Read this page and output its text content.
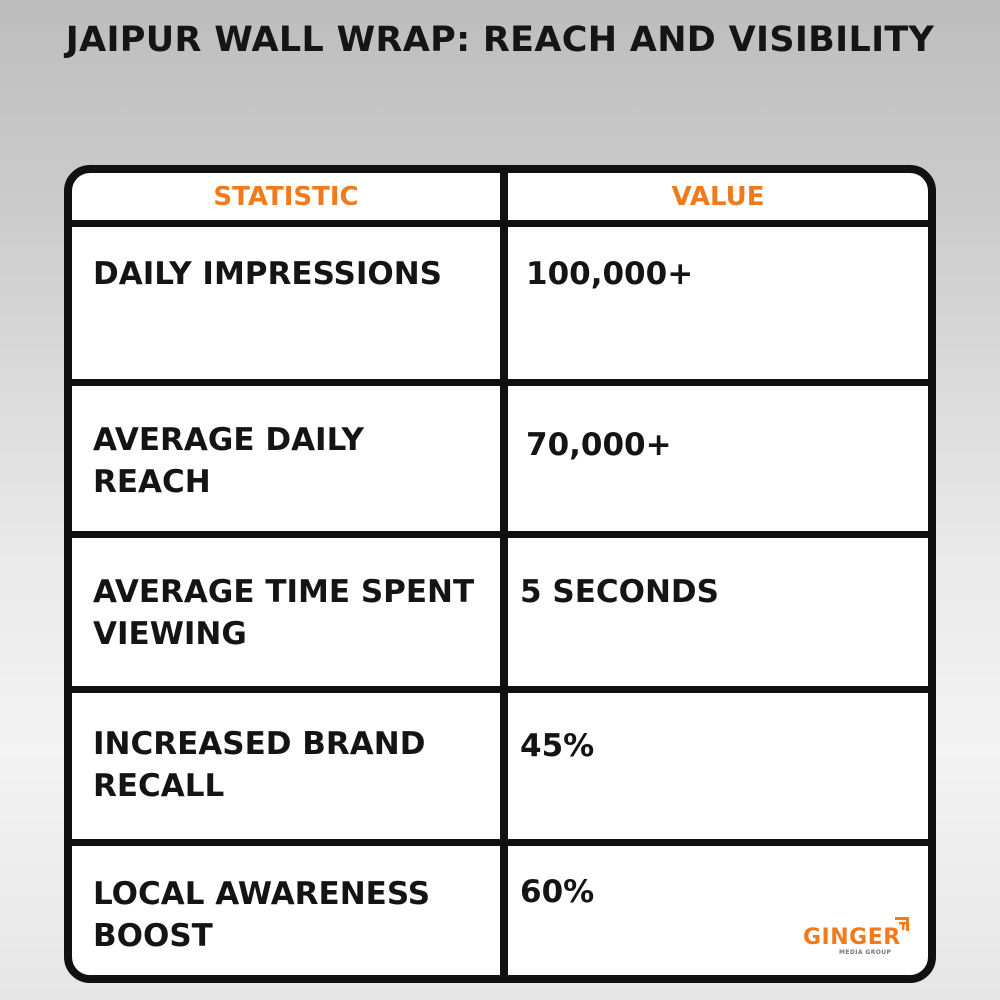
JAIPUR WALL WRAP: REACH AND VISIBILITY
STATISTIC	VALUE
DAILY IMPRESSIONS	100,000+
AVERAGE DAILY
REACH
70,000+
AVERAGE TIME SPENT
VIEWING
5 SECONDS
INCREASED BRAND
RECALL
45%
LOCAL AWARENESS
BOOST
60%
GINGER
MEDIA GROUP
